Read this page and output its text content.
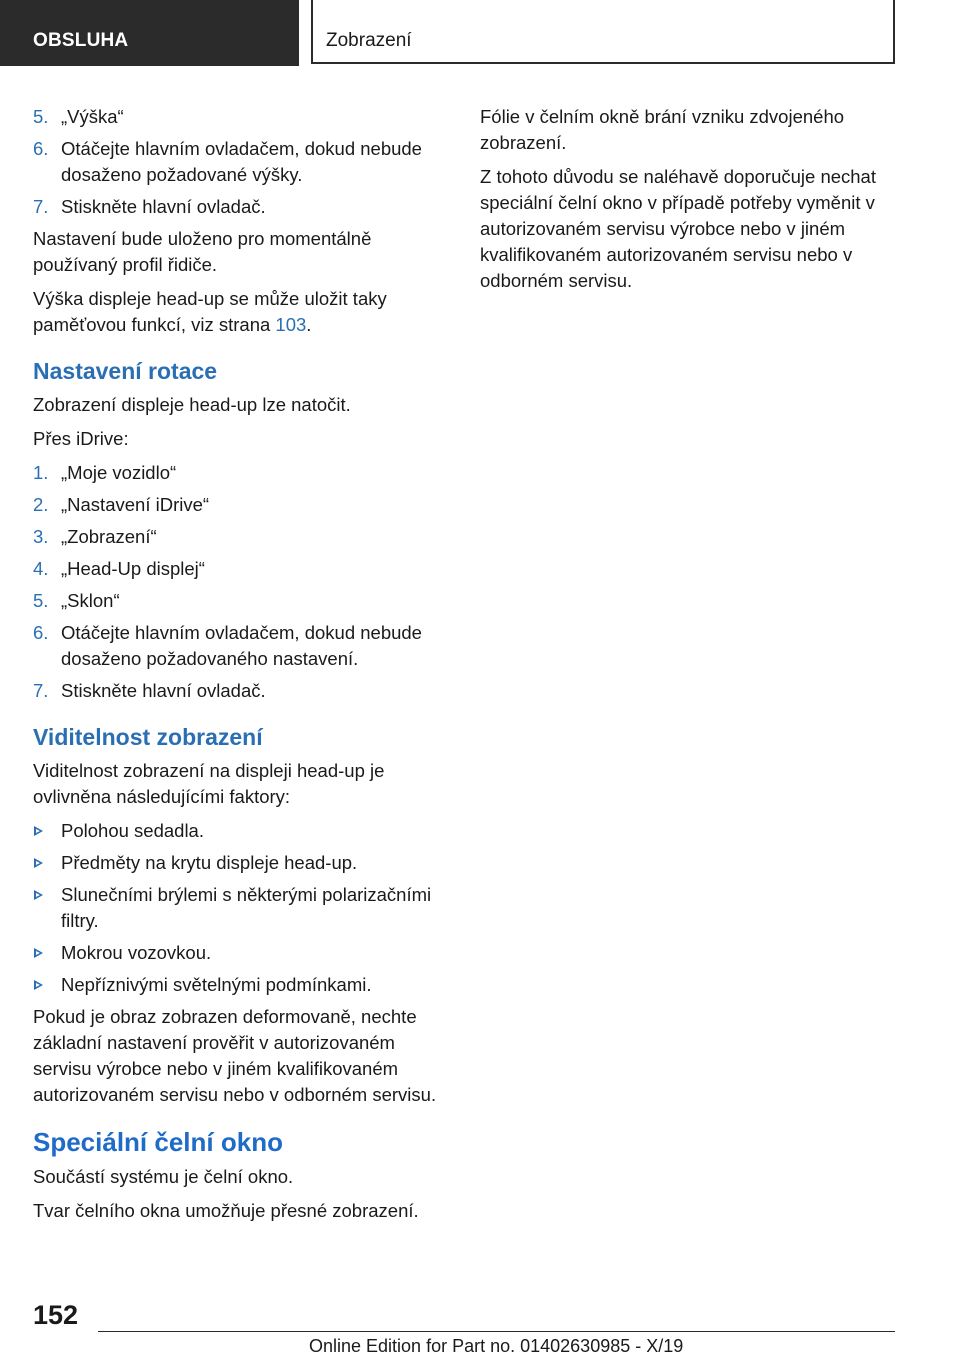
OBSLUHA	Zobrazení
5. „Výška“
6. Otáčejte hlavním ovladačem, dokud nebude dosaženo požadované výšky.
7. Stiskněte hlavní ovladač.

Nastavení bude uloženo pro momentálně používaný profil řidiče.

Výška displeje head-up se může uložit taky paměťovou funkcí, viz strana 103.

Nastavení rotace

Zobrazení displeje head-up lze natočit.

Přes iDrive:

1. „Moje vozidlo“
2. „Nastavení iDrive“
3. „Zobrazení“
4. „Head-Up displej“
5. „Sklon“
6. Otáčejte hlavním ovladačem, dokud nebude dosaženo požadovaného nastavení.
7. Stiskněte hlavní ovladač.
Viditelnost zobrazení

Viditelnost zobrazení na displeji head-up je ovlivněna následujícími faktory:

Polohou sedadla.
Předměty na krytu displeje head-up.
Slunečními brýlemi s některými polarizačními filtry.
Mokrou vozovkou.
Nepříznivými světelnými podmínkami.

Pokud je obraz zobrazen deformovaně, nechte základní nastavení prověřit v autorizovaném servisu výrobce nebo v jiném kvalifikovaném autorizovaném servisu nebo v odborném servisu.

Speciální čelní okno

Součástí systému je čelní okno.

Tvar čelního okna umožňuje přesné zobrazení.

Fólie v čelním okně brání vzniku zdvojeného zobrazení.

Z tohoto důvodu se naléhavě doporučuje nechat speciální čelní okno v případě potřeby vyměnit v autorizovaném servisu výrobce nebo v jiném kvalifikovaném autorizovaném servisu nebo v odborném servisu.

152
Online Edition for Part no. 01402630985 - X/19
